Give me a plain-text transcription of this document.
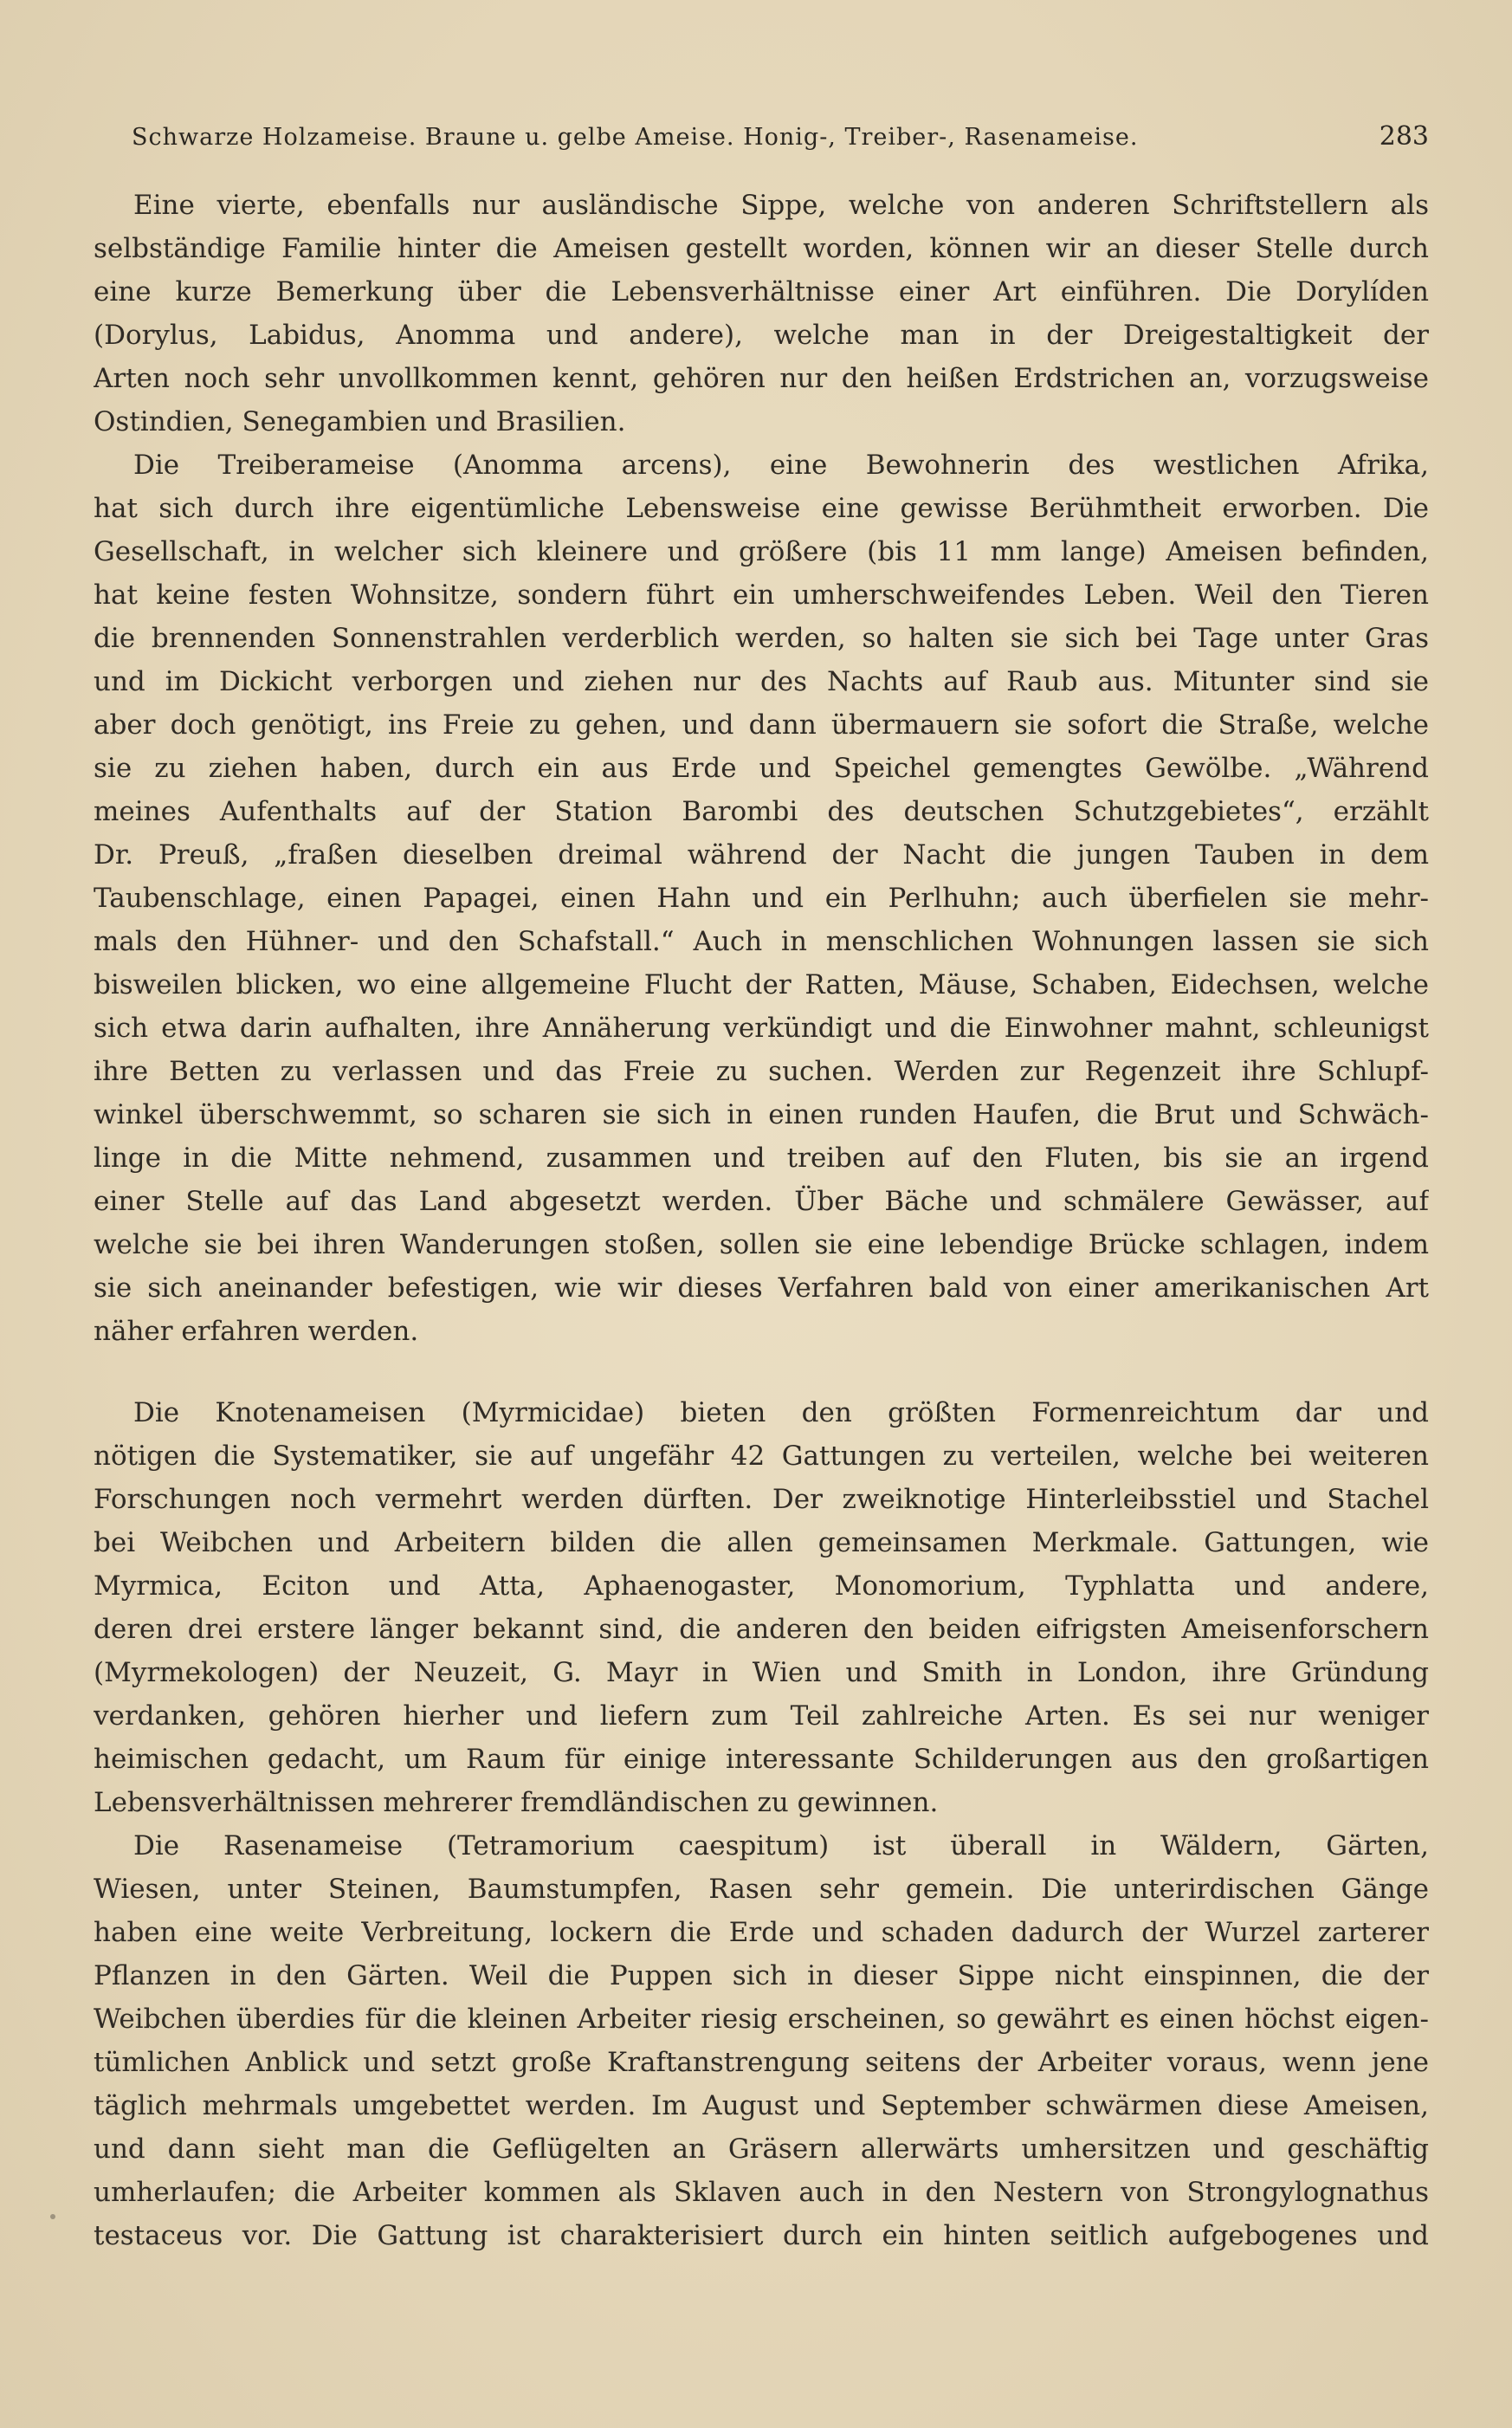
Schwarze Holzameise. Braune u. gelbe Ameise. Honig-, Treiber-, Rasenameise.	283
Eine vierte, ebenfalls nur ausländische Sippe, welche von anderen Schriftstellern als
selbständige Familie hinter die Ameisen gestellt worden, können wir an dieser Stelle durch
eine kurze Bemerkung über die Lebensverhältnisse einer Art einführen. Die Dorylíden
(Dorylus, Labidus, Anomma und andere), welche man in der Dreigestaltigkeit der
Arten noch sehr unvollkommen kennt, gehören nur den heißen Erdstrichen an, vorzugsweise
Ostindien, Senegambien und Brasilien.
Die Treiberameise (Anomma arcens), eine Bewohnerin des westlichen Afrika,
hat sich durch ihre eigentümliche Lebensweise eine gewisse Berühmtheit erworben. Die
Gesellschaft, in welcher sich kleinere und größere (bis 11 mm lange) Ameisen befinden,
hat keine festen Wohnsitze, sondern führt ein umherschweifendes Leben. Weil den Tieren
die brennenden Sonnenstrahlen verderblich werden, so halten sie sich bei Tage unter Gras
und im Dickicht verborgen und ziehen nur des Nachts auf Raub aus. Mitunter sind sie
aber doch genötigt, ins Freie zu gehen, und dann übermauern sie sofort die Straße, welche
sie zu ziehen haben, durch ein aus Erde und Speichel gemengtes Gewölbe. „Während
meines Aufenthalts auf der Station Barombi des deutschen Schutzgebietes“, erzählt
Dr. Preuß, „fraßen dieselben dreimal während der Nacht die jungen Tauben in dem
Taubenschlage, einen Papagei, einen Hahn und ein Perlhuhn; auch überfielen sie mehr-
mals den Hühner- und den Schafstall.“ Auch in menschlichen Wohnungen lassen sie sich
bisweilen blicken, wo eine allgemeine Flucht der Ratten, Mäuse, Schaben, Eidechsen, welche
sich etwa darin aufhalten, ihre Annäherung verkündigt und die Einwohner mahnt, schleunigst
ihre Betten zu verlassen und das Freie zu suchen. Werden zur Regenzeit ihre Schlupf-
winkel überschwemmt, so scharen sie sich in einen runden Haufen, die Brut und Schwäch-
linge in die Mitte nehmend, zusammen und treiben auf den Fluten, bis sie an irgend
einer Stelle auf das Land abgesetzt werden. Über Bäche und schmälere Gewässer, auf
welche sie bei ihren Wanderungen stoßen, sollen sie eine lebendige Brücke schlagen, indem
sie sich aneinander befestigen, wie wir dieses Verfahren bald von einer amerikanischen Art
näher erfahren werden.
Die Knotenameisen (Myrmicidae) bieten den größten Formenreichtum dar und
nötigen die Systematiker, sie auf ungefähr 42 Gattungen zu verteilen, welche bei weiteren
Forschungen noch vermehrt werden dürften. Der zweiknotige Hinterleibsstiel und Stachel
bei Weibchen und Arbeitern bilden die allen gemeinsamen Merkmale. Gattungen, wie
Myrmica, Eciton und Atta, Aphaenogaster, Monomorium, Typhlatta und andere,
deren drei erstere länger bekannt sind, die anderen den beiden eifrigsten Ameisenforschern
(Myrmekologen) der Neuzeit, G. Mayr in Wien und Smith in London, ihre Gründung
verdanken, gehören hierher und liefern zum Teil zahlreiche Arten. Es sei nur weniger
heimischen gedacht, um Raum für einige interessante Schilderungen aus den großartigen
Lebensverhältnissen mehrerer fremdländischen zu gewinnen.
Die Rasenameise (Tetramorium caespitum) ist überall in Wäldern, Gärten,
Wiesen, unter Steinen, Baumstumpfen, Rasen sehr gemein. Die unterirdischen Gänge
haben eine weite Verbreitung, lockern die Erde und schaden dadurch der Wurzel zarterer
Pflanzen in den Gärten. Weil die Puppen sich in dieser Sippe nicht einspinnen, die der
Weibchen überdies für die kleinen Arbeiter riesig erscheinen, so gewährt es einen höchst eigen-
tümlichen Anblick und setzt große Kraftanstrengung seitens der Arbeiter voraus, wenn jene
täglich mehrmals umgebettet werden. Im August und September schwärmen diese Ameisen,
und dann sieht man die Geflügelten an Gräsern allerwärts umhersitzen und geschäftig
umherlaufen; die Arbeiter kommen als Sklaven auch in den Nestern von Strongylognathus
testaceus vor. Die Gattung ist charakterisiert durch ein hinten seitlich aufgebogenes und
